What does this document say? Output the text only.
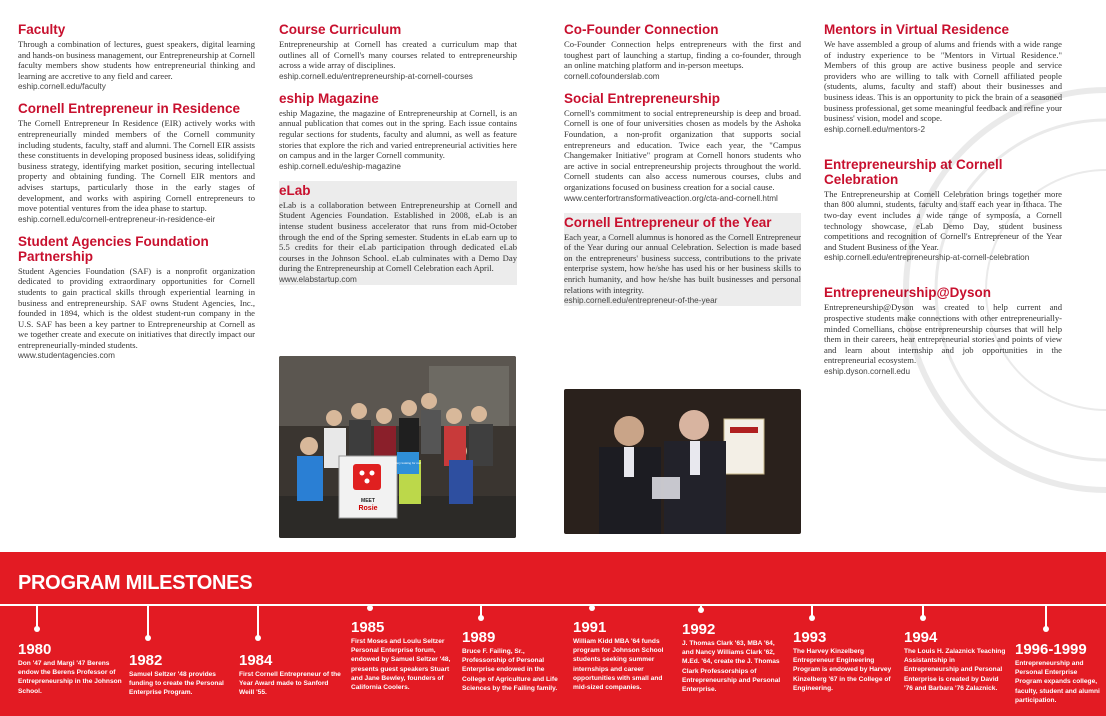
Faculty

Through a combination of lectures, guest speakers, digital learning and hands-on business management, our Entrepreneurship at Cornell faculty members show students how entrepreneurial thinking and learning are accretive to any field and career.

eship.cornell.edu/faculty
Cornell Entrepreneur in Residence

The Cornell Entrepreneur In Residence (EIR) actively works with entrepreneurially minded members of the Cornell community including students, faculty, staff and alumni. The Cornell EIR assists these constituents in developing proposed business ideas, solidifying business strategy, identifying market position, securing intellectual property and obtaining funding. The Cornell EIR mentors and advises startups, particularly those in the early stages of development, and works with aspiring Cornell entrepreneurs to move potential ventures from the idea phase to startup.

eship.cornell.edu/cornell-entrepreneur-in-residence-eir
Student Agencies Foundation Partnership

Student Agencies Foundation (SAF) is a nonprofit organization dedicated to providing extraordinary opportunities for Cornell students to gain practical skills through experiential learning in business and entrepreneurship. SAF owns Student Agencies, Inc., founded in 1894, which is the oldest student-run company in the U.S. SAF has been a key partner to Entrepreneurship at Cornell as we together create and execute on initiatives that directly impact our entrepreneurially-minded students.

www.studentagencies.com
Course Curriculum

Entrepreneurship at Cornell has created a curriculum map that outlines all of Cornell's many courses related to entrepreneurship across a wide array of disciplines.

eship.cornell.edu/entrepreneurship-at-cornell-courses
eship Magazine

eship Magazine, the magazine of Entrepreneurship at Cornell, is an annual publication that comes out in the spring. Each issue contains regular sections for students, faculty and alumni, as well as feature stories that explore the rich and varied entrepreneurial activities here on campus and in the larger Cornell community.

eship.cornell.edu/eship-magazine
eLab

eLab is a collaboration between Entrepreneurship at Cornell and Student Agencies Foundation. Established in 2008, eLab is an intense student business accelerator that runs from mid-October through the end of the Spring semester. Students in eLab earn up to 5.5 credits for their eLab participation through dedicated eLab courses in the Johnson School. eLab culminates with a Demo Day during the Entrepreneurship at Cornell Celebration each April.

www.elabstartup.com
MEET
Rosie
Very looking for me!
Co-Founder Connection

Co-Founder Connection helps entrepreneurs with the first and toughest part of launching a startup, finding a co-founder, through an online matching platform and in-person meetups.

cornell.cofounderslab.com
Social Entrepreneurship

Cornell's commitment to social entrepreneurship is deep and broad. Cornell is one of four universities chosen as models by the Ashoka Foundation, a non-profit organization that supports social entrepreneurs and education. Twice each year, the "Campus Changemaker Initiative" program at Cornell honors students who are active in social entrepreneurship projects throughout the world. Cornell students can also access numerous courses, clubs and organizations focused on business creation for a social cause.

www.centerfortransformativeaction.org/cta-and-cornell.html
Cornell Entrepreneur of the Year

Each year, a Cornell alumnus is honored as the Cornell Entrepreneur of the Year during our annual Celebration. Selection is made based on the entrepreneurs' business success, contributions to the private enterprise system, how he/she has used his or her business skills to enrich humanity, and how he/she has built businesses and personal relations with integrity.

eship.cornell.edu/entrepreneur-of-the-year
Mentors in Virtual Residence

We have assembled a group of alums and friends with a wide range of industry experience to be "Mentors in Virtual Residence." Members of this group are active business people and service providers who are willing to talk with Cornell affiliated people (students, alums, faculty and staff) about their businesses and business ideas. This is an opportunity to pick the brain of a seasoned business professional, get some meaningful feedback and refine your business' vision, model and scope.

eship.cornell.edu/mentors-2
Entrepreneurship at Cornell Celebration

The Entrepreneurship at Cornell Celebration brings together more than 800 alumni, students, faculty and staff each year in Ithaca. The two-day event includes a wide range of symposia, a Cornell technology showcase, eLab Demo Day, student business competitions and recognition of Cornell's Entrepreneur of the Year and Student Business of the Year.

eship.cornell.edu/entrepreneurship-at-cornell-celebration
Entrepreneurship@Dyson

Entrepreneurship@Dyson was created to help current and prospective students make connections with other entrepreneurially-minded Cornellians, choose entrepreneurship courses that will help them in their careers, hear entrepreneurial stories and points of view and learn about internship and job opportunities in the entrepreneurial ecosystem.

eship.dyson.cornell.edu
PROGRAM MILESTONES
1980
Don '47 and Margi '47 Berens endow the Berens Professor of Entrepreneurship in the Johnson School.
1982
Samuel Seltzer '48 provides funding to create the Personal Enterprise Program.
1984
First Cornell Entrepreneur of the Year Award made to Sanford Weill '55.
1985
First Moses and Loulu Seltzer Personal Enterprise forum, endowed by Samuel Seltzer '48, presents guest speakers Stuart and Jane Bewley, founders of California Coolers.
1989
Bruce F. Failing, Sr., Professorship of Personal Enterprise endowed in the College of Agriculture and Life Sciences by the Failing family.
1991
William Kidd MBA '64 funds program for Johnson School students seeking summer internships and career opportunities with small and mid-sized companies.
1992
J. Thomas Clark '63, MBA '64, and Nancy Williams Clark '62, M.Ed. '64, create the J. Thomas Clark Professorships of Entrepreneurship and Personal Enterprise.
1993
The Harvey Kinzelberg Entrepreneur Engineering Program is endowed by Harvey Kinzelberg '67 in the College of Engineering.
1994
The Louis H. Zalaznick Teaching Assistantship in Entrepreneurship and Personal Enterprise is created by David '76 and Barbara '76 Zalaznick.
1996-1999
Entrepreneurship and Personal Enterprise Program expands college, faculty, student and alumni participation.
